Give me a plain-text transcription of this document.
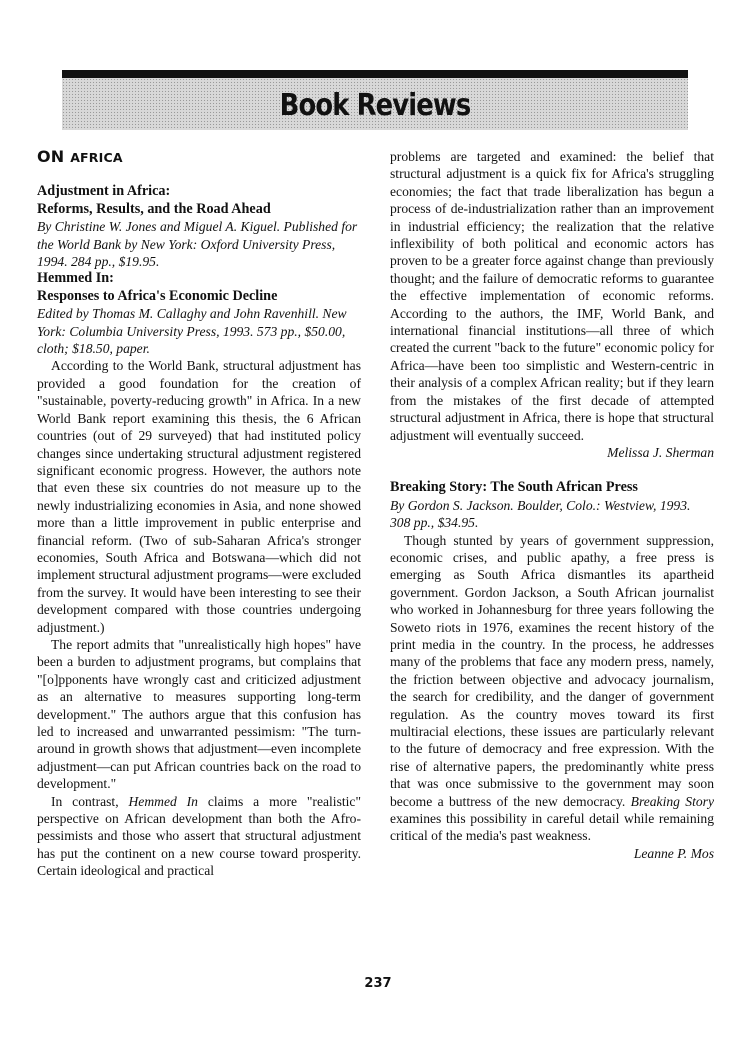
Book Reviews
ON AFRICA
Adjustment in Africa:
Reforms, Results, and the Road Ahead
By Christine W. Jones and Miguel A. Kiguel. Published for the World Bank by New York: Oxford University Press, 1994. 284 pp., $19.95.
Hemmed In:
Responses to Africa's Economic Decline
Edited by Thomas M. Callaghy and John Ravenhill. New York: Columbia University Press, 1993. 573 pp., $50.00, cloth; $18.50, paper.

According to the World Bank, structural adjustment has provided a good foundation for the creation of "sustainable, poverty-reducing growth" in Africa. In a new World Bank report examining this thesis, the 6 African countries (out of 29 surveyed) that had instituted policy changes since undertaking structural adjustment registered significant economic progress. However, the authors note that even these six countries do not measure up to the newly industrializing economies in Asia, and none showed more than a little improvement in public enterprise and financial reform. (Two of sub-Saharan Africa's stronger economies, South Africa and Botswana—which did not implement structural adjustment programs—were excluded from the survey. It would have been interesting to see their development compared with those countries undergoing adjustment.)

The report admits that "unrealistically high hopes" have been a burden to adjustment programs, but complains that "[o]pponents have wrongly cast and criticized adjustment as an alternative to measures supporting long-term development." The authors argue that this confusion has led to increased and unwarranted pessimism: "The turn-around in growth shows that adjustment—even incomplete adjustment—can put African countries back on the road to development."

In contrast, Hemmed In claims a more "realistic" perspective on African development than both the Afro-pessimists and those who assert that structural adjustment has put the continent on a new course toward prosperity. Certain ideological and practical

problems are targeted and examined: the belief that structural adjustment is a quick fix for Africa's struggling economies; the fact that trade liberalization has begun a process of de-industrialization rather than an improvement in industrial efficiency; the realization that the relative inflexibility of both political and economic actors has proven to be a greater force against change than previously thought; and the failure of democratic reforms to guarantee the effective implementation of economic reforms. According to the authors, the IMF, World Bank, and international financial institutions—all three of which created the current "back to the future" economic policy for Africa—have been too simplistic and Western-centric in their analysis of a complex African reality; but if they learn from the mistakes of the first decade of attempted structural adjustment in Africa, there is hope that structural adjustment will eventually succeed.

Melissa J. Sherman
Breaking Story: The South African Press
By Gordon S. Jackson. Boulder, Colo.: Westview, 1993. 308 pp., $34.95.

Though stunted by years of government suppression, economic crises, and public apathy, a free press is emerging as South Africa dismantles its apartheid government. Gordon Jackson, a South African journalist who worked in Johannesburg for three years following the Soweto riots in 1976, examines the recent history of the print media in the country. In the process, he addresses many of the problems that face any modern press, namely, the friction between objective and advocacy journalism, the search for credibility, and the danger of government regulation. As the country moves toward its first multiracial elections, these issues are particularly relevant to the future of democracy and free expression. With the rise of alternative papers, the predominantly white press that was once submissive to the government may soon become a buttress of the new democracy. Breaking Story examines this possibility in careful detail while remaining critical of the media's past weakness.

Leanne P. Mos
237
